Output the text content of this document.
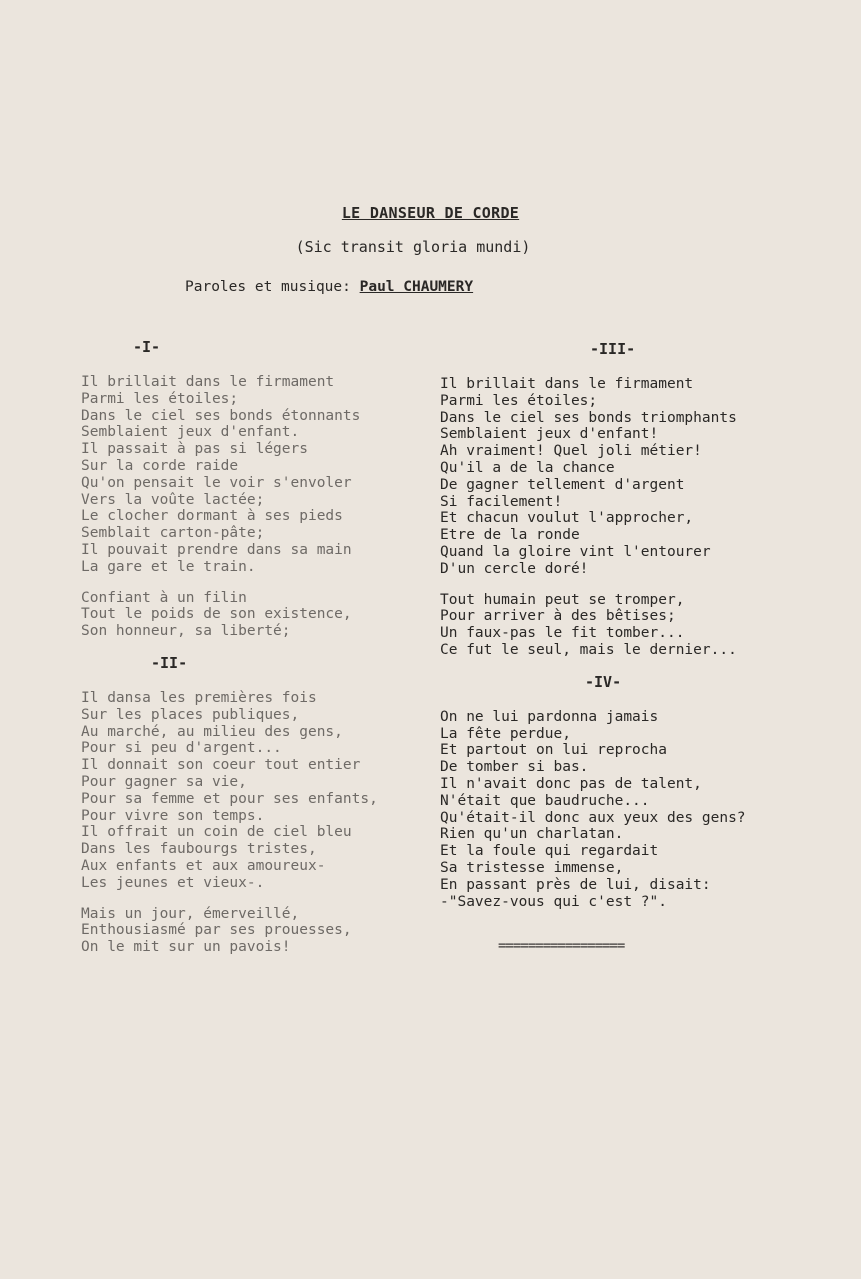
LE DANSEUR DE CORDE
(Sic transit gloria mundi)
Paroles et musique: Paul CHAUMERY
-I-
Il brillait dans le firmament
Parmi les étoiles;
Dans le ciel ses bonds étonnants
Semblaient jeux d'enfant.
Il passait à pas si légers
Sur la corde raide
Qu'on pensait le voir s'envoler
Vers la voûte lactée;
Le clocher dormant à ses pieds
Semblait carton-pâte;
Il pouvait prendre dans sa main
La gare et le train.
Confiant à un filin
Tout le poids de son existence,
Son honneur, sa liberté;
-II-
Il dansa les premières fois
Sur les places publiques,
Au marché, au milieu des gens,
Pour si peu d'argent...
Il donnait son coeur tout entier
Pour gagner sa vie,
Pour sa femme et pour ses enfants,
Pour vivre son temps.
Il offrait un coin de ciel bleu
Dans les faubourgs tristes,
Aux enfants et aux amoureux-
Les jeunes et vieux-.
Mais un jour, émerveillé,
Enthousiasmé par ses prouesses,
On le mit sur un pavois!
-III-
Il brillait dans le firmament
Parmi les étoiles;
Dans le ciel ses bonds triomphants
Semblaient jeux d'enfant!
Ah vraiment! Quel joli métier!
Qu'il a de la chance
De gagner tellement d'argent
Si facilement!
Et chacun voulut l'approcher,
Etre de la ronde
Quand la gloire vint l'entourer
D'un cercle doré!
Tout humain peut se tromper,
Pour arriver à des bêtises;
Un faux-pas le fit tomber...
Ce fut le seul, mais le dernier...
-IV-
On ne lui pardonna jamais
La fête perdue,
Et partout on lui reprocha
De tomber si bas.
Il n'avait donc pas de talent,
N'était que baudruche...
Qu'était-il donc aux yeux des gens?
Rien qu'un charlatan.
Et la foule qui regardait
Sa tristesse immense,
En passant près de lui, disait:
-"Savez-vous qui c'est ?".
=================
